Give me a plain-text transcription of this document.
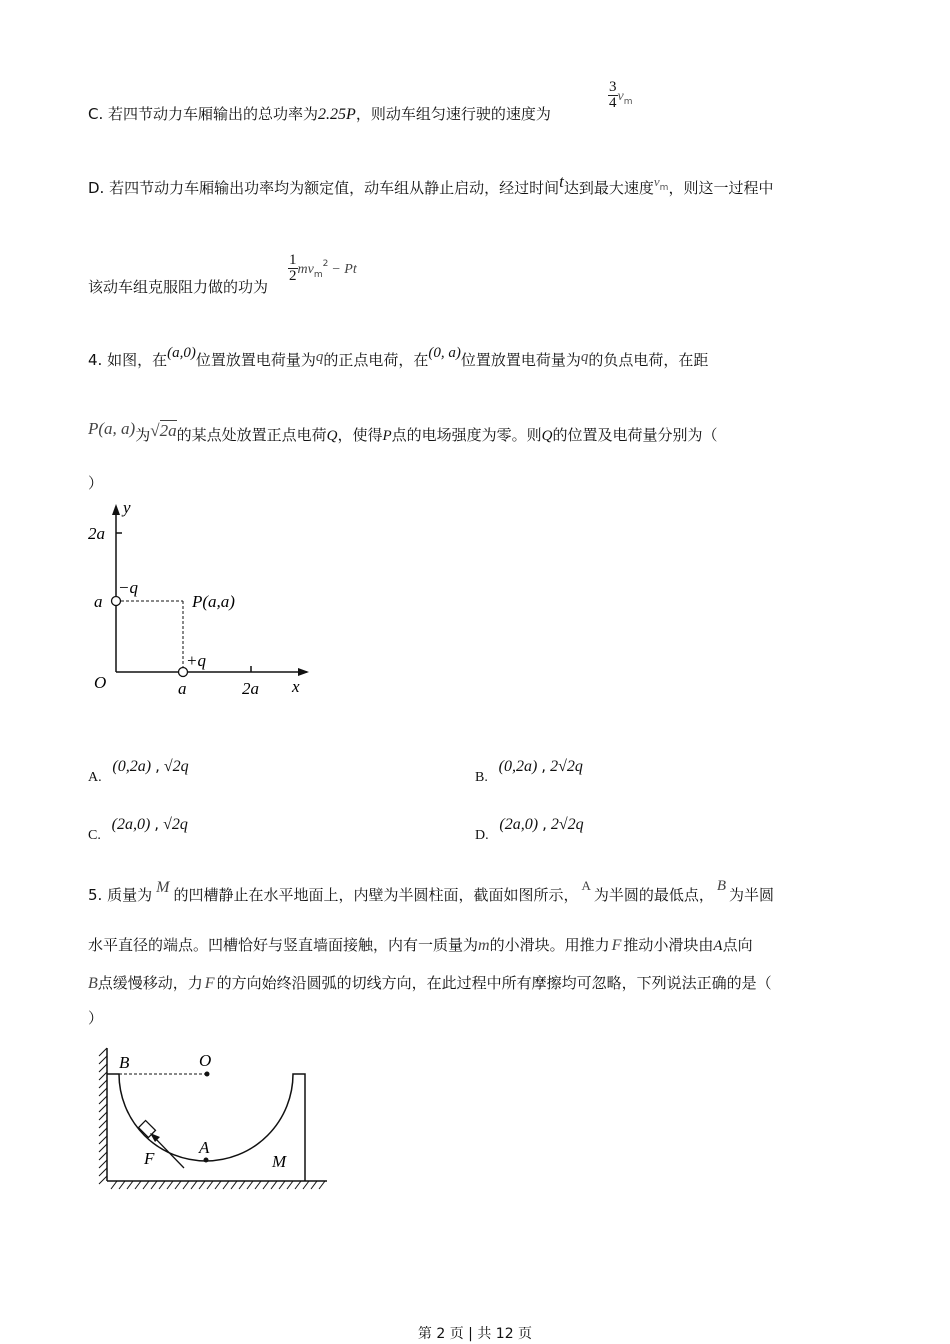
C. 若四节动力车厢输出的总功率为2.25P，则动车组匀速行驶的速度为
$\frac{3}{4} v_m$
D. 若四节动力车厢输出功率均为额定值，动车组从静止启动，经过时间t达到最大速度$v^m$，则这一过程中
该动车组克服阻力做的功为
$\frac{1}{2} mv_m^2 - Pt$
4. 如图，在(a,0)位置放置电荷量为q的正点电荷，在(0, a)位置放置电荷量为q的负点电荷，在距
P(a, a)为√2a的某点处放置正点电荷Q，使得P点的电场强度为零。则Q的位置及电荷量分别为（
）
y
x
O
2a
a
a	2a
−q
+q
P(a,a)
A. (0,2a) , √2q
B. (0,2a) , 2√2q
C. (2a,0) , √2q
D. (2a,0) , 2√2q
5. 质量为 M 的凹槽静止在水平地面上，内壁为半圆柱面，截面如图所示，A为半圆的最低点， B 为半圆
水平直径的端点。凹槽恰好与竖直墙面接触，内有一质量为m的小滑块。用推力 F 推动小滑块由A点向
B点缓慢移动，力 F 的方向始终沿圆弧的切线方向，在此过程中所有摩擦均可忽略，下列说法正确的是（
）
B	O
F
A
M
第 2 页 | 共 12 页
